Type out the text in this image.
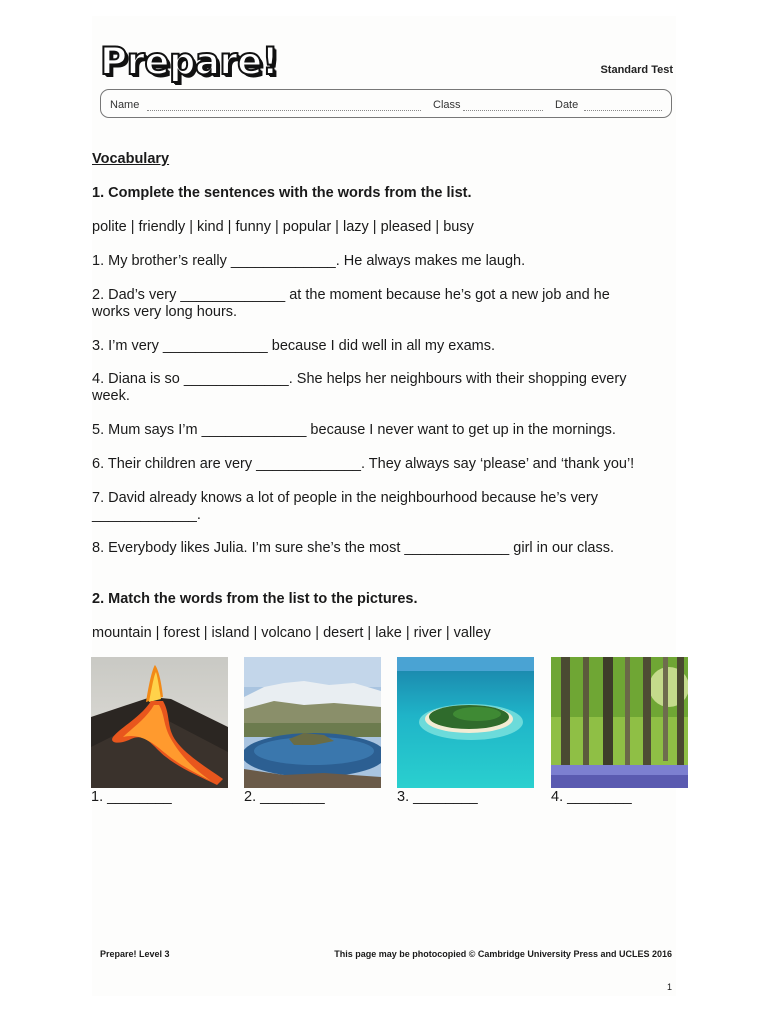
Prepare!	Standard Test
Name	Class	Date
Vocabulary
1. Complete the sentences with the words from the list.
polite | friendly | kind | funny | popular | lazy | pleased | busy
1. My brother’s really _____________. He always makes me laugh.
2. Dad’s very _____________ at the moment because he’s got a new job and he
works very long hours.
3. I’m very _____________ because I did well in all my exams.
4. Diana is so _____________. She helps her neighbours with their shopping every
week.
5. Mum says I’m _____________ because I never want to get up in the mornings.
6. Their children are very _____________. They always say ‘please’ and ‘thank you’!
7. David already knows a lot of people in the neighbourhood because he’s very
_____________.
8. Everybody likes Julia. I’m sure she’s the most _____________ girl in our class.
2. Match the words from the list to the pictures.
mountain | forest | island | volcano | desert | lake | river | valley
1. ________	2. ________	3. ________	4. ________
Prepare! Level 3	This page may be photocopied © Cambridge University Press and UCLES 2016
1
